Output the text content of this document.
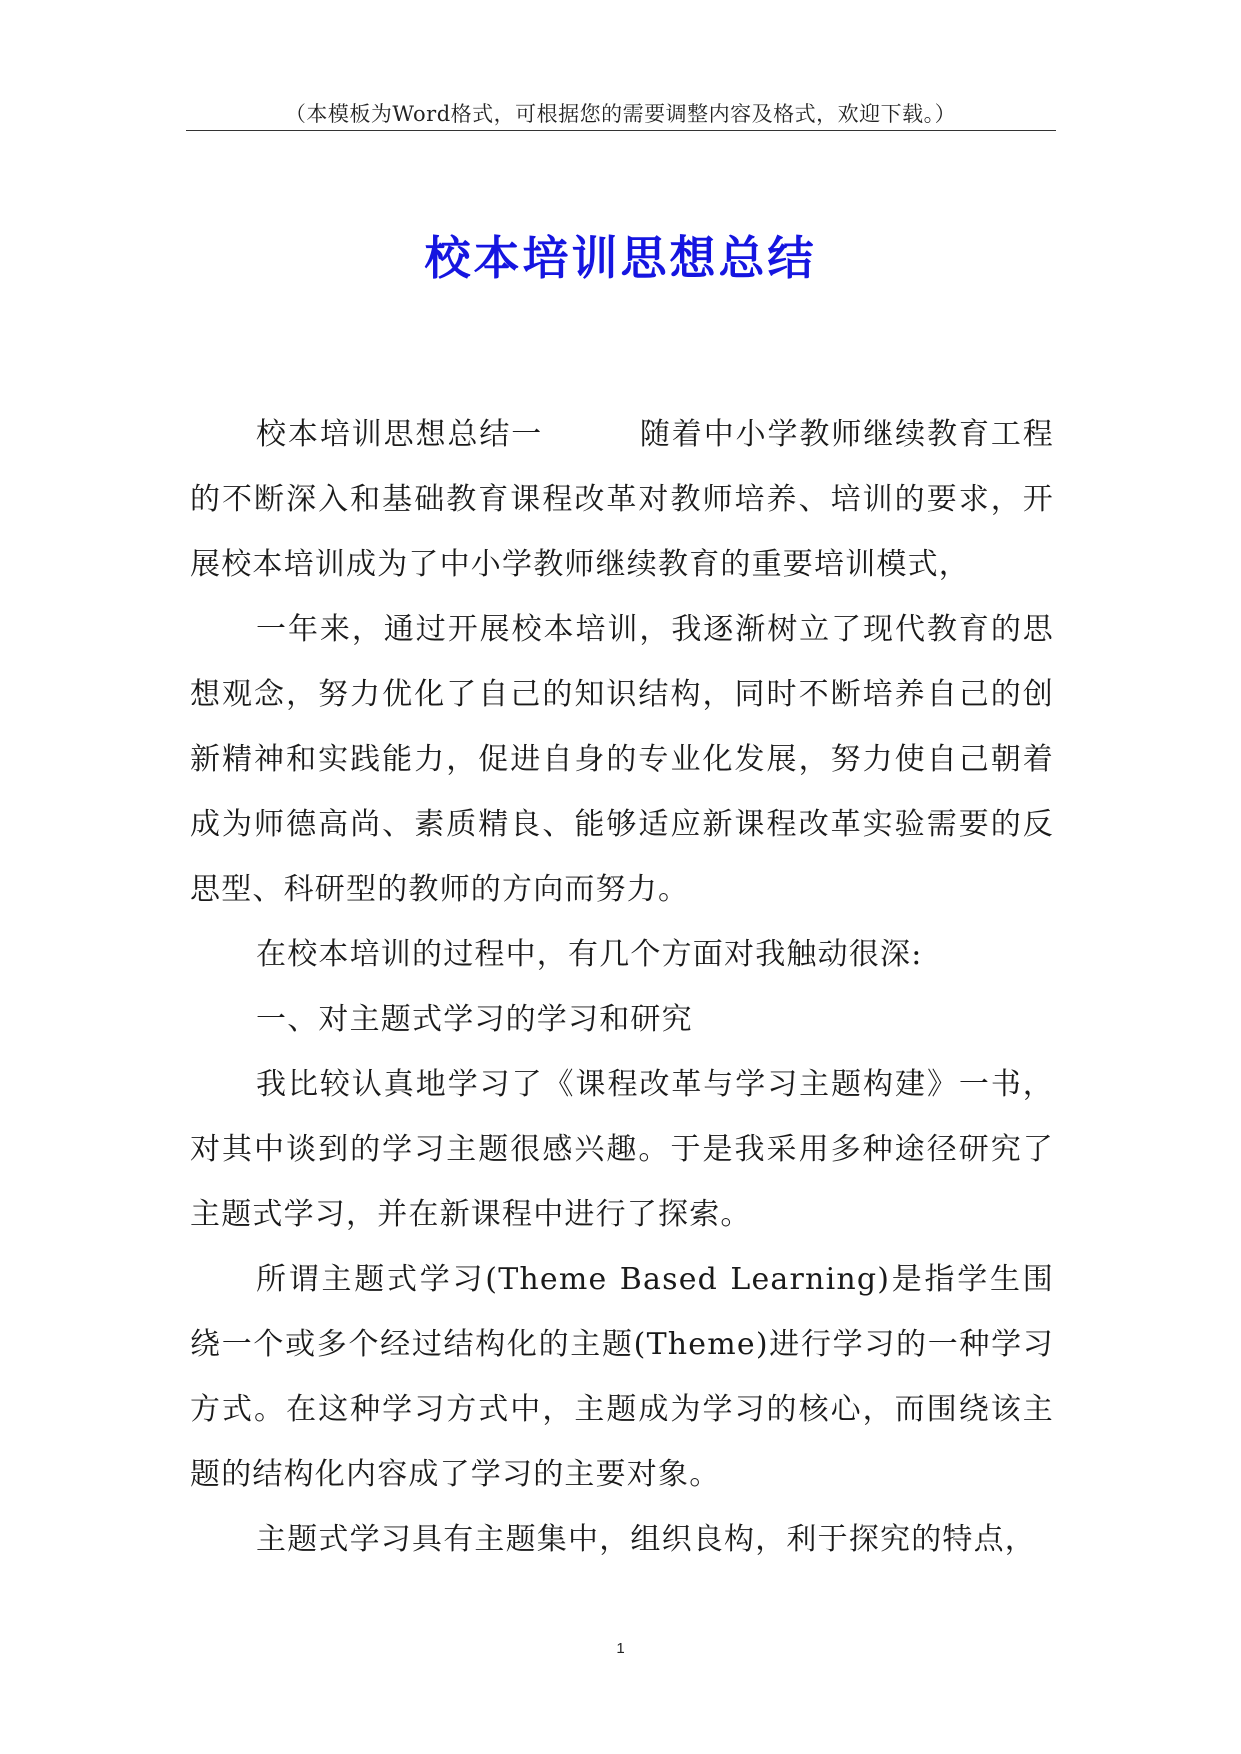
（本模板为Word格式，可根据您的需要调整内容及格式，欢迎下载。）
校本培训思想总结

校本培训思想总结一	随着中小学教师继续教育工程的不断深入和基础教育课程改革对教师培养、培训的要求，开展校本培训成为了中小学教师继续教育的重要培训模式，

一年来，通过开展校本培训，我逐渐树立了现代教育的思想观念，努力优化了自己的知识结构，同时不断培养自己的创新精神和实践能力，促进自身的专业化发展，努力使自己朝着成为师德高尚、素质精良、能够适应新课程改革实验需要的反思型、科研型的教师的方向而努力。

在校本培训的过程中，有几个方面对我触动很深:

一、对主题式学习的学习和研究

我比较认真地学习了《课程改革与学习主题构建》一书，对其中谈到的学习主题很感兴趣。于是我采用多种途径研究了主题式学习，并在新课程中进行了探索。

所谓主题式学习(Theme Based Learning)是指学生围绕一个或多个经过结构化的主题(Theme)进行学习的一种学习方式。在这种学习方式中，主题成为学习的核心，而围绕该主题的结构化内容成了学习的主要对象。

主题式学习具有主题集中，组织良构，利于探究的特点，

1
